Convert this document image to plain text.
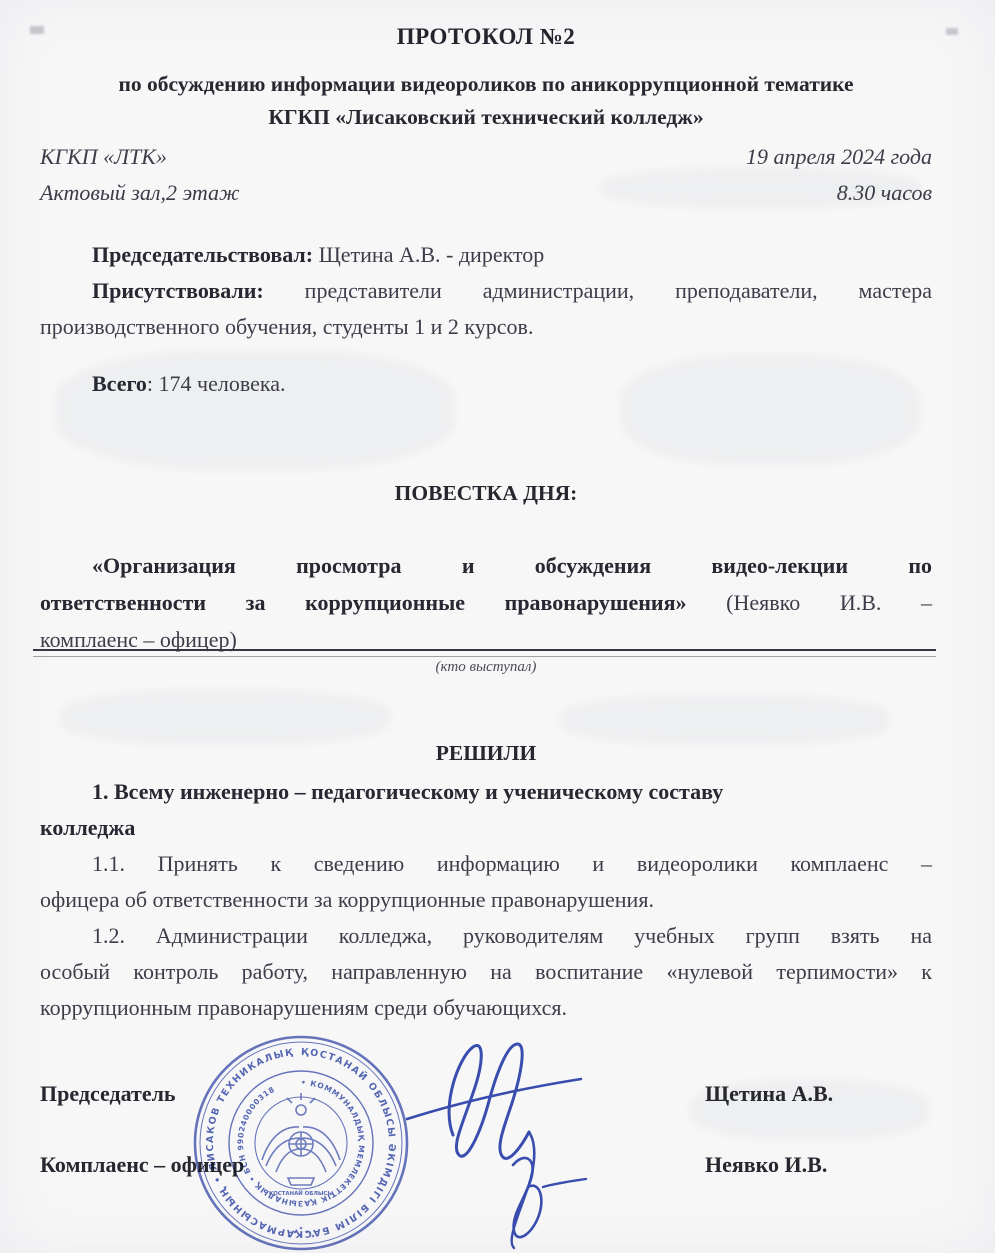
ПРОТОКОЛ №2
по обсуждению информации видеороликов по аникоррупционной тематике
КГКП «Лисаковский технический колледж»
КГКП «ЛТК»	19 апреля 2024 года
Актовый зал,2 этаж	8.30 часов
Председательствовал: Щетина А.В. - директор
Присутствовали: представители администрации, преподаватели, мастера
производственного обучения, студенты 1 и 2 курсов.
Всего: 174 человека.
ПОВЕСТКА ДНЯ:
«Организация просмотра и обсуждения видео-лекции по
ответственности за коррупционные правонарушения» (Неявко И.В. –
комплаенс – офицер)
(кто выступал)
РЕШИЛИ
1. Всему инженерно – педагогическому и ученическому составу
колледжа
1.1. Принять к сведению информацию и видеоролики комплаенс –
офицера об ответственности за коррупционные правонарушения.
1.2. Администрации колледжа, руководителям учебных групп взять на
особый контроль работу, направленную на воспитание «нулевой терпимости» к
коррупционным правонарушениям среди обучающихся.
Председатель	Щетина А.В.
Комплаенс – офицер	Неявко И.В.
